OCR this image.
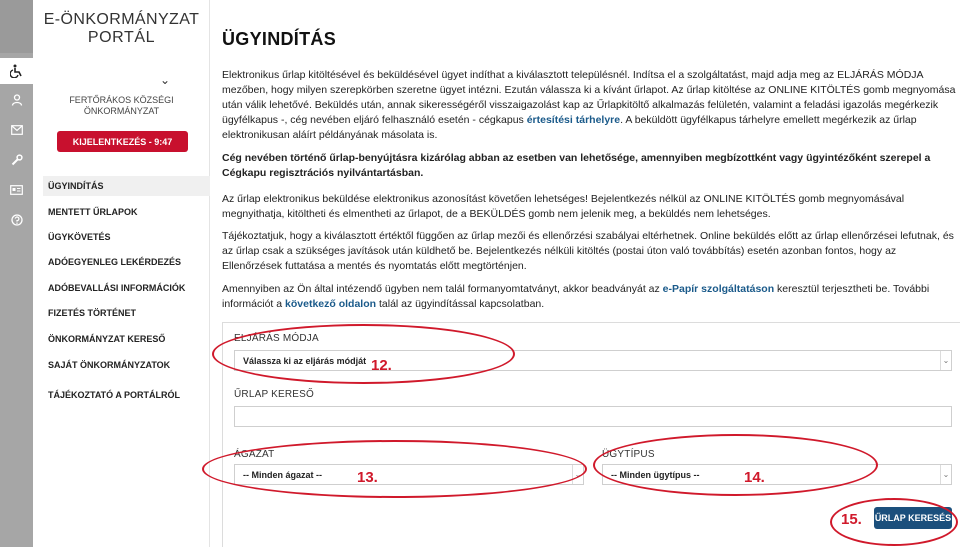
E-ÖNKORMÁNYZAT
PORTÁL
⌄
FERTŐRÁKOS KÖZSÉGI
ÖNKORMÁNYZAT
KIJELENTKEZÉS - 9:47
ÜGYINDÍTÁS
MENTETT ŰRLAPOK
ÜGYKÖVETÉS
ADÓEGYENLEG LEKÉRDEZÉS
ADÓBEVALLÁSI INFORMÁCIÓK
FIZETÉS TÖRTÉNET
ÖNKORMÁNYZAT KERESŐ
SAJÁT ÖNKORMÁNYZATOK
TÁJÉKOZTATÓ A PORTÁLRÓL
ÜGYINDÍTÁS
Elektronikus űrlap kitöltésével és beküldésével ügyet indíthat a kiválasztott településnél. Indítsa el a szolgáltatást, majd adja meg az ELJÁRÁS MÓDJA mezőben, hogy milyen szerepkörben szeretne ügyet intézni. Ezután válassza ki a kívánt űrlapot. Az űrlap kitöltése az ONLINE KITÖLTÉS gomb megnyomása után válik lehetővé. Beküldés után, annak sikerességéről visszaigazolást kap az Űrlapkitöltő alkalmazás felületén, valamint a feladási igazolás megérkezik ügyfélkapus -, cég nevében eljáró felhasználó esetén - cégkapus értesítési tárhelyre. A beküldött ügyfélkapus tárhelyre emellett megérkezik az űrlap elektronikusan aláírt példányának másolata is.
Cég nevében történő űrlap-benyújtásra kizárólag abban az esetben van lehetősége, amennyiben megbízottként vagy ügyintézőként szerepel a Cégkapu regisztrációs nyilvántartásban.
Az űrlap elektronikus beküldése elektronikus azonosítást követően lehetséges! Bejelentkezés nélkül az ONLINE KITÖLTÉS gomb megnyomásával megnyithatja, kitöltheti és elmentheti az űrlapot, de a BEKÜLDÉS gomb nem jelenik meg, a beküldés nem lehetséges.
Tájékoztatjuk, hogy a kiválasztott értéktől függően az űrlap mezői és ellenőrzési szabályai eltérhetnek. Online beküldés előtt az űrlap ellenőrzései lefutnak, és az űrlap csak a szükséges javítások után küldhető be. Bejelentkezés nélküli kitöltés (postai úton való továbbítás) esetén azonban fontos, hogy az Ellenőrzések futtatása a mentés és nyomtatás előtt megtörténjen.
Amennyiben az Ön által intézendő ügyben nem talál formanyomtatványt, akkor beadványát az e-Papír szolgáltatáson keresztül terjesztheti be. További információt a következő oldalon talál az ügyindítással kapcsolatban.
ELJÁRÁS MÓDJA
Válassza ki az eljárás módját	⌄
ŰRLAP KERESŐ
ÁGAZAT
-- Minden ágazat --	⌄
ÜGYTÍPUS
-- Minden ügytípus --	⌄
ŰRLAP KERESÉS
12.
13.	14.
15.
